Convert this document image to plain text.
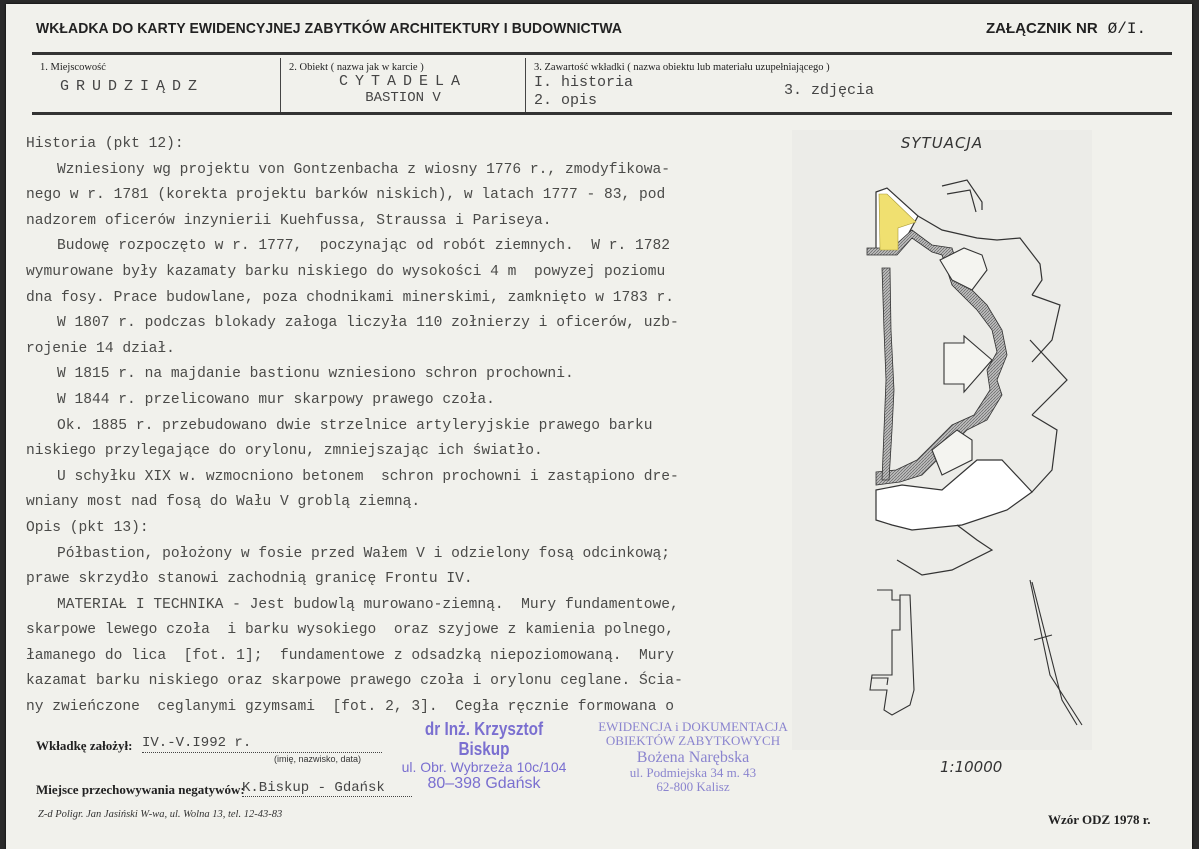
WKŁADKA DO KARTY EWIDENCYJNEJ ZABYTKÓW ARCHITEKTURY I BUDOWNICTWA	ZAŁĄCZNIK NR Ø/I.
1. Miejscowość
GRUDZIĄDZ
2. Obiekt ( nazwa jak w karcie )
CYTADELA
BASTION V
3. Zawartość wkładki ( nazwa obiektu lub materiału uzupełniającego )
I. historia
2. opis
3. zdjęcia
Historia (pkt 12):
Wzniesiony wg projektu von Gontzenbacha z wiosny 1776 r., zmodyfikowa-
nego w r. 1781 (korekta projektu barków niskich), w latach 1777 - 83, pod
nadzorem oficerów inzynierii Kuehfussa, Straussa i Pariseya.
Budowę rozpoczęto w r. 1777,  poczynając od robót ziemnych.  W r. 1782
wymurowane były kazamaty barku niskiego do wysokości 4 m  powyzej poziomu
dna fosy. Prace budowlane, poza chodnikami minerskimi, zamknięto w 1783 r.
W 1807 r. podczas blokady załoga liczyła 110 zołnierzy i oficerów, uzb-
rojenie 14 dział.
W 1815 r. na majdanie bastionu wzniesiono schron prochowni.
W 1844 r. przelicowano mur skarpowy prawego czoła.
Ok. 1885 r. przebudowano dwie strzelnice artyleryjskie prawego barku
niskiego przylegające do orylonu, zmniejszając ich światło.
U schyłku XIX w. wzmocniono betonem  schron prochowni i zastąpiono dre-
wniany most nad fosą do Wału V groblą ziemną.
Opis (pkt 13):
Półbastion, położony w fosie przed Wałem V i odzielony fosą odcinkową;
prawe skrzydło stanowi zachodnią granicę Frontu IV.
MATERIAŁ I TECHNIKA - Jest budowlą murowano-ziemną.  Mury fundamentowe,
skarpowe lewego czoła  i barku wysokiego  oraz szyjowe z kamienia polnego,
łamanego do lica  [fot. 1];  fundamentowe z odsadzką niepoziomowaną.  Mury
kazamat barku niskiego oraz skarpowe prawego czoła i orylonu ceglane. Ścia-
ny zwieńczone  ceglanymi gzymsami  [fot. 2, 3].  Cegła ręcznie formowana o
SYTUACJA
1:10000
Wkładkę założył: IV.-V.I992 r.
(imię, nazwisko, data)
Miejsce przechowywania negatywów:
K.Biskup - Gdańsk
Z-d Poligr. Jan Jasiński W-wa, ul. Wolna 13, tel. 12-43-83	Wzór ODZ 1978 r.
dr Inż. Krzysztof Biskup
ul. Obr. Wybrzeża 10c/104
80–398 Gdańsk
EWIDENCJA i DOKUMENTACJA
OBIEKTÓW ZABYTKOWYCH
Bożena Narębska
ul. Podmiejska 34 m. 43
62-800 Kalisz
